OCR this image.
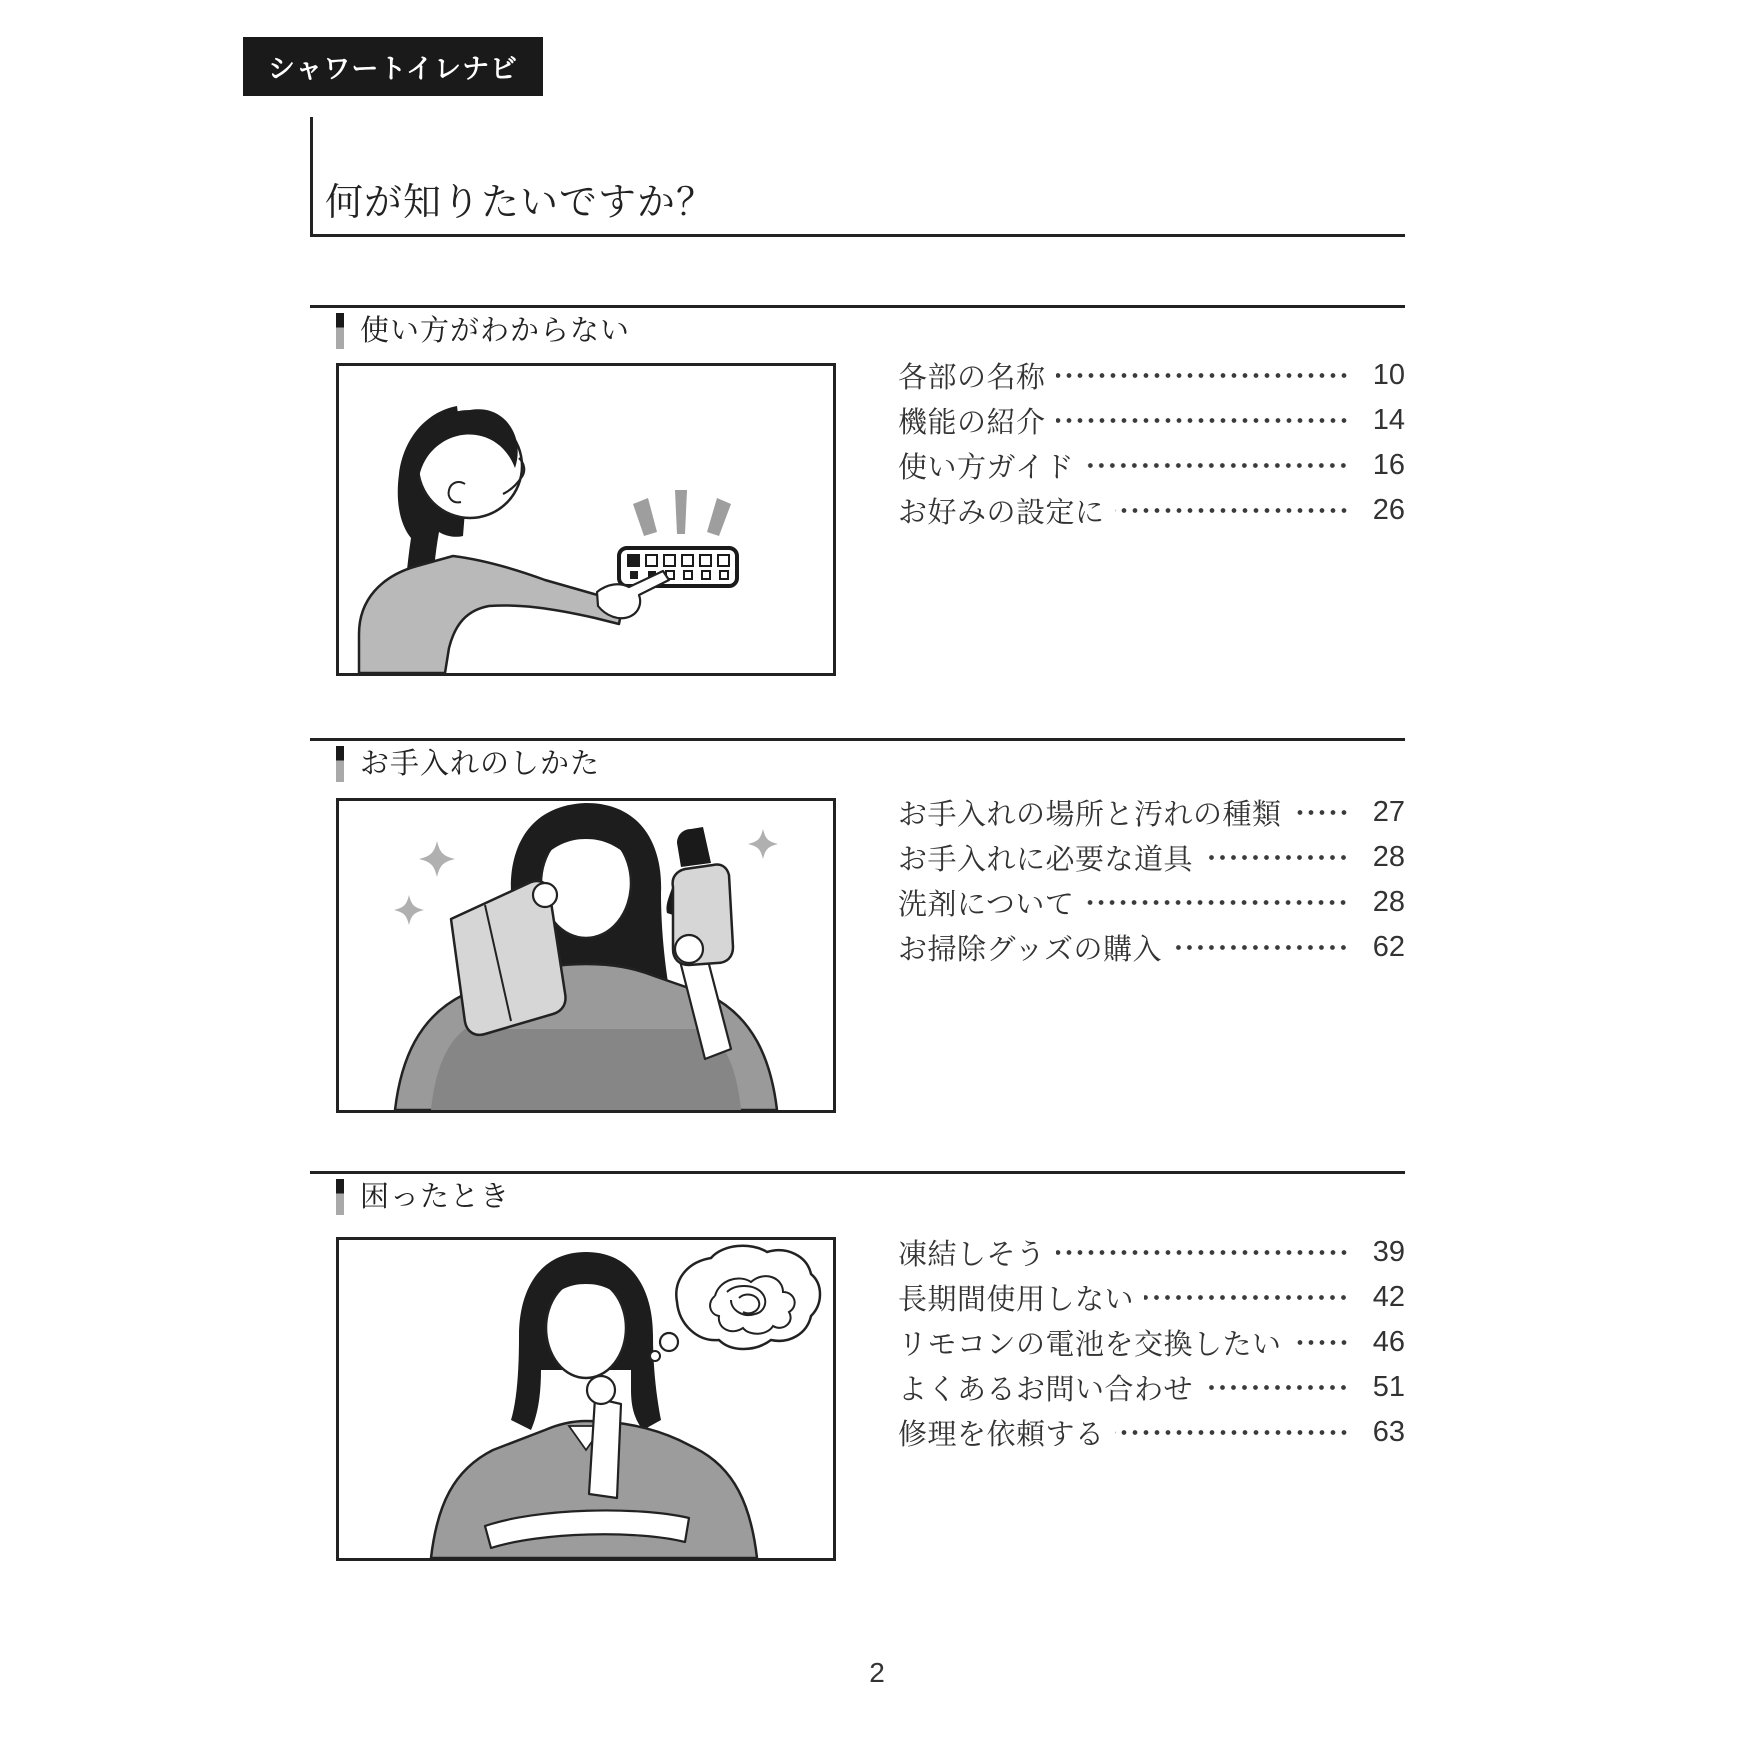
シャワートイレナビ
何が知りたいですか？
使い方がわからない
各部の名称	10
機能の紹介	14
使い方ガイド	16
お好みの設定に	26
お手入れのしかた
お手入れの場所と汚れの種類	27
お手入れに必要な道具	28
洗剤について	28
お掃除グッズの購入	62
困ったとき
凍結しそう	39
長期間使用しない	42
リモコンの電池を交換したい	46
よくあるお問い合わせ	51
修理を依頼する	63
2
